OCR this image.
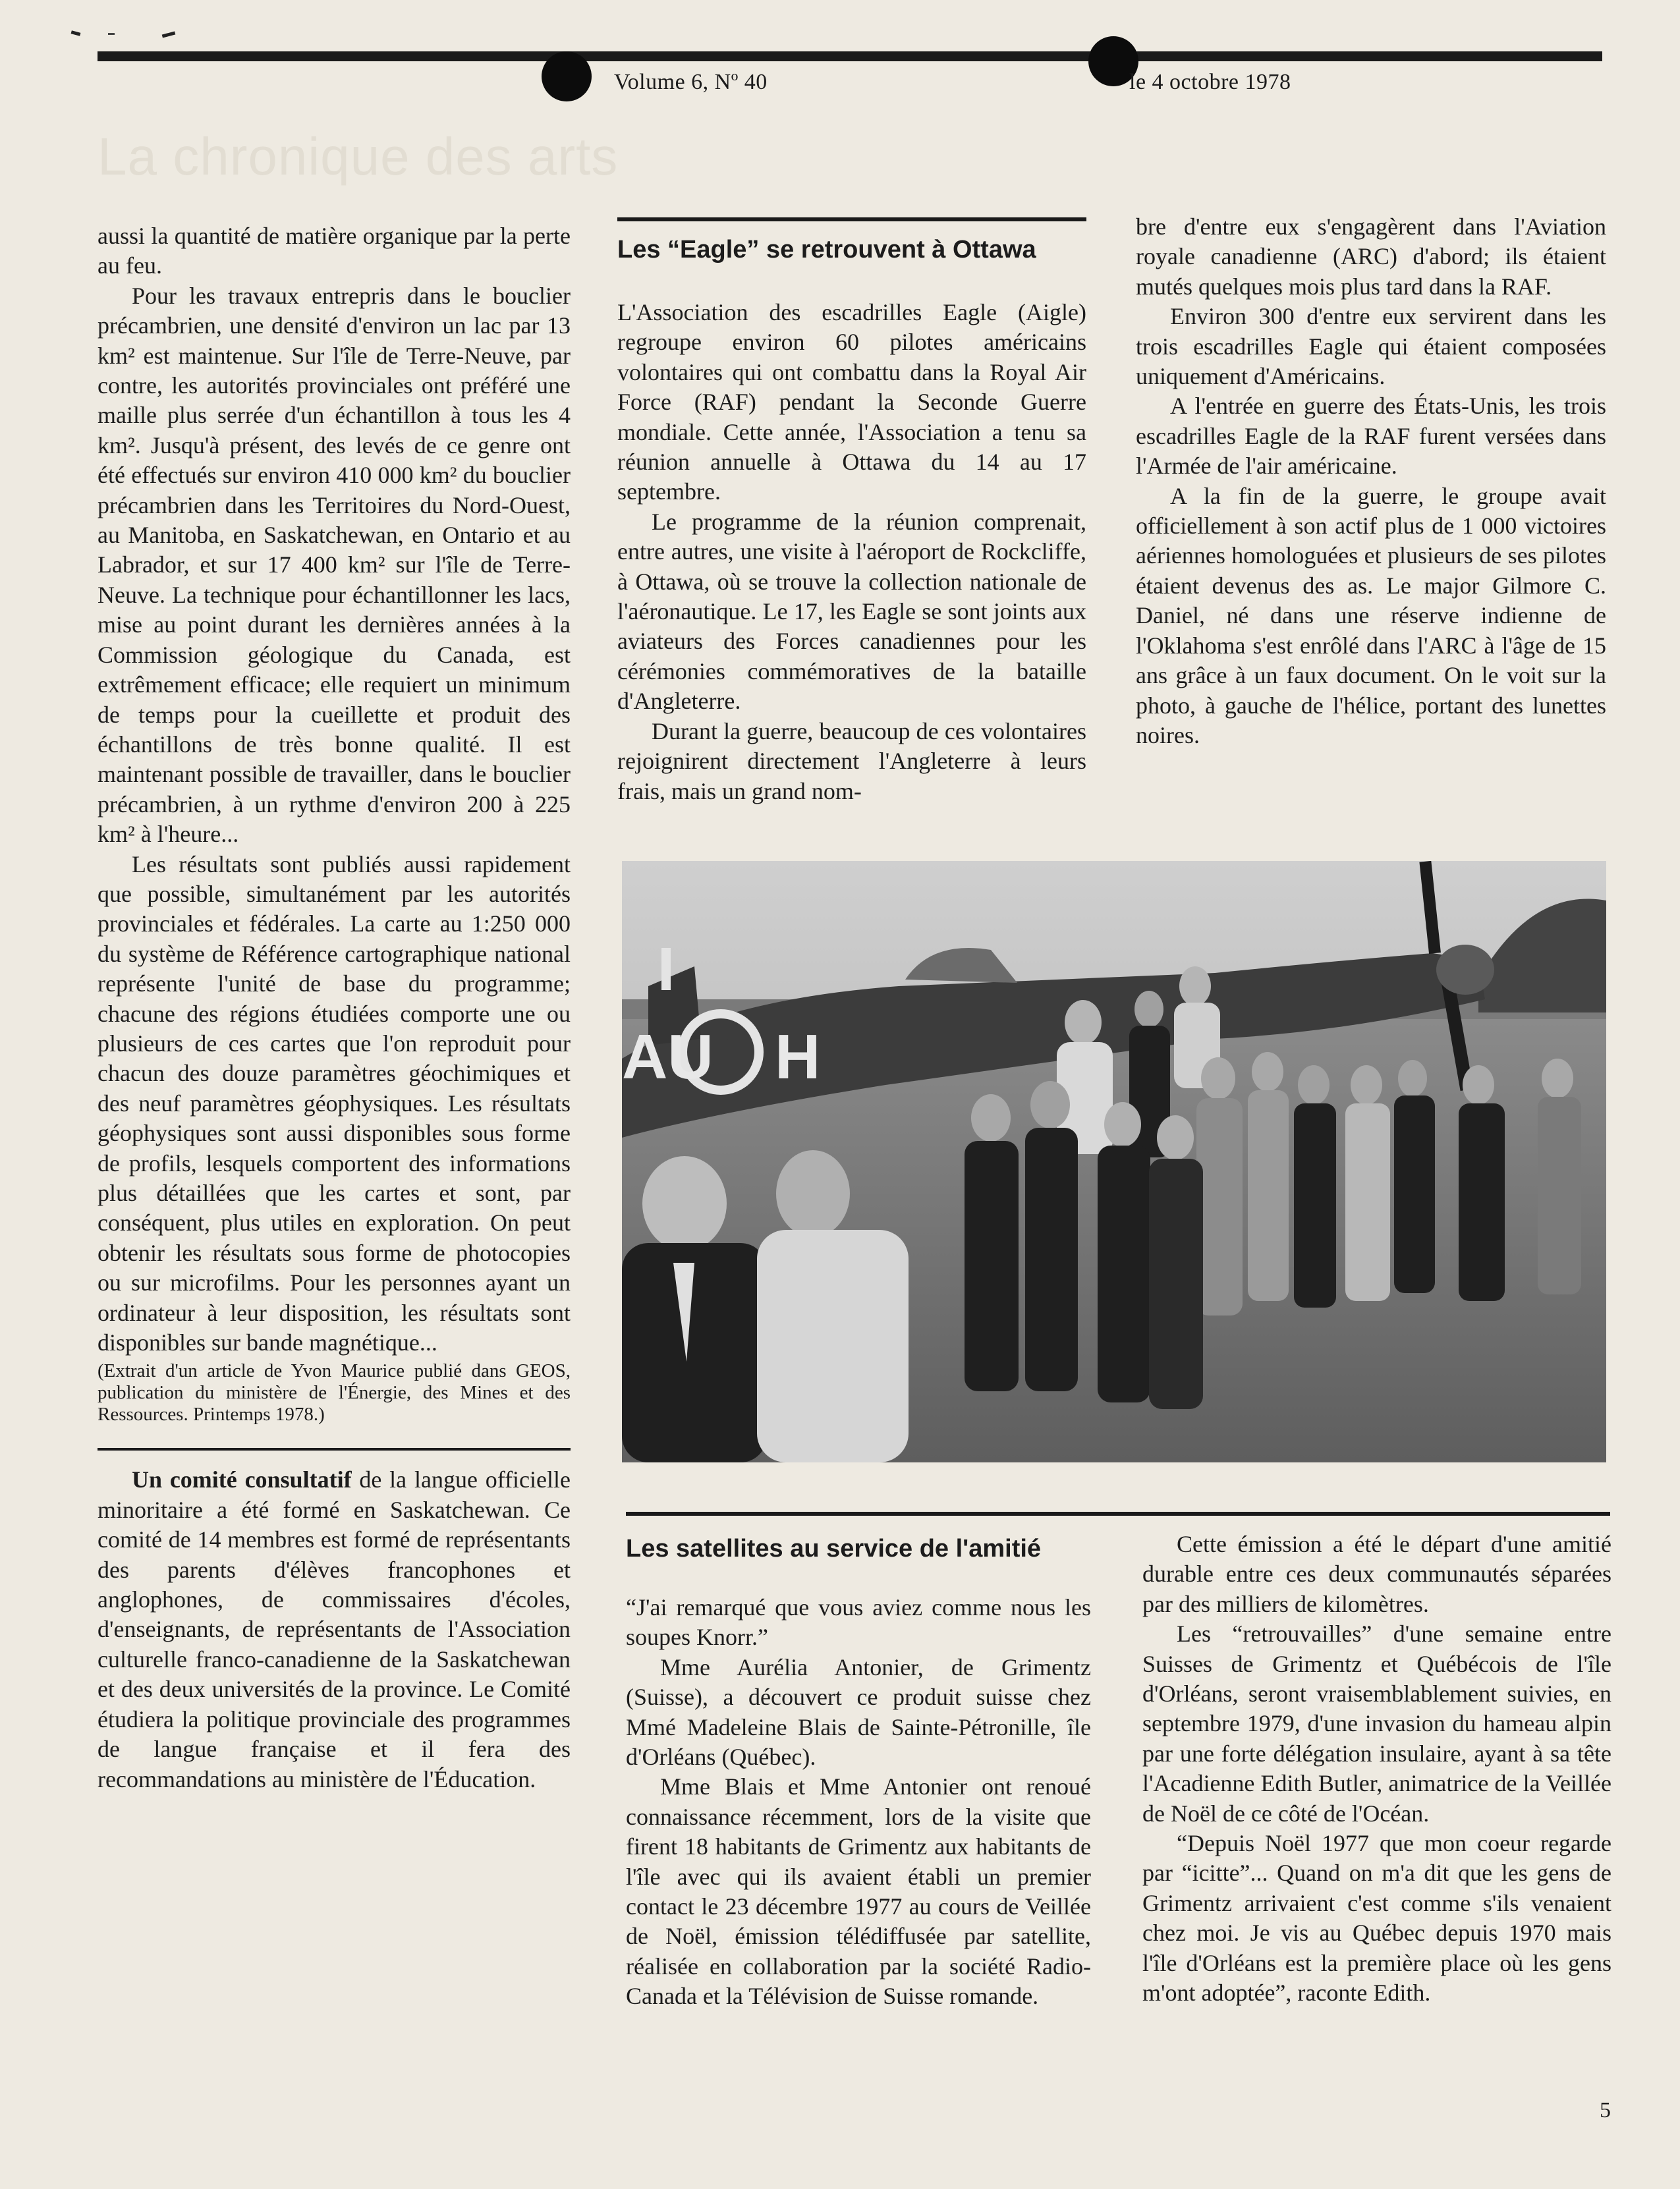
Volume 6, Nº 40	le 4 octobre 1978
La chronique des arts

aussi la quantité de matière organique par la perte au feu.

Pour les travaux entrepris dans le bouclier précambrien, une densité d'environ un lac par 13 km² est maintenue. Sur l'île de Terre-Neuve, par contre, les autorités provinciales ont préféré une maille plus serrée d'un échantillon à tous les 4 km². Jusqu'à présent, des levés de ce genre ont été effectués sur environ 410 000 km² du bouclier précambrien dans les Territoires du Nord-Ouest, au Manitoba, en Saskatchewan, en Ontario et au Labrador, et sur 17 400 km² sur l'île de Terre-Neuve. La technique pour échantillonner les lacs, mise au point durant les dernières années à la Commission géologique du Canada, est extrêmement efficace; elle requiert un minimum de temps pour la cueillette et produit des échantillons de très bonne qualité. Il est maintenant possible de travailler, dans le bouclier précambrien, à un rythme d'environ 200 à 225 km² à l'heure...

Les résultats sont publiés aussi rapidement que possible, simultanément par les autorités provinciales et fédérales. La carte au 1:250 000 du système de Référence cartographique national représente l'unité de base du programme; chacune des régions étudiées comporte une ou plusieurs de ces cartes que l'on reproduit pour chacun des douze paramètres géochimiques et des neuf paramètres géophysiques. Les résultats géophysiques sont aussi disponibles sous forme de profils, lesquels comportent des informations plus détaillées que les cartes et sont, par conséquent, plus utiles en exploration. On peut obtenir les résultats sous forme de photocopies ou sur microfilms. Pour les personnes ayant un ordinateur à leur disposition, les résultats sont disponibles sur bande magnétique...

(Extrait d'un article de Yvon Maurice publié dans GEOS, publication du ministère de l'Énergie, des Mines et des Ressources. Printemps 1978.)

Un comité consultatif de la langue officielle minoritaire a été formé en Saskatchewan. Ce comité de 14 membres est formé de représentants des parents d'élèves francophones et anglophones, de commissaires d'écoles, d'enseignants, de représentants de l'Association culturelle franco-canadienne de la Saskatchewan et des deux universités de la province. Le Comité étudiera la politique provinciale des programmes de langue française et il fera des recommandations au ministère de l'Éducation.

Les “Eagle” se retrouvent à Ottawa

L'Association des escadrilles Eagle (Aigle) regroupe environ 60 pilotes américains volontaires qui ont combattu dans la Royal Air Force (RAF) pendant la Seconde Guerre mondiale. Cette année, l'Association a tenu sa réunion annuelle à Ottawa du 14 au 17 septembre.

Le programme de la réunion comprenait, entre autres, une visite à l'aéroport de Rockcliffe, à Ottawa, où se trouve la collection nationale de l'aéronautique. Le 17, les Eagle se sont joints aux aviateurs des Forces canadiennes pour les cérémonies commémoratives de la bataille d'Angleterre.

Durant la guerre, beaucoup de ces volontaires rejoignirent directement l'Angleterre à leurs frais, mais un grand nom-

bre d'entre eux s'engagèrent dans l'Aviation royale canadienne (ARC) d'abord; ils étaient mutés quelques mois plus tard dans la RAF.

Environ 300 d'entre eux servirent dans les trois escadrilles Eagle qui étaient composées uniquement d'Américains.

A l'entrée en guerre des États-Unis, les trois escadrilles Eagle de la RAF furent versées dans l'Armée de l'air américaine.

A la fin de la guerre, le groupe avait officiellement à son actif plus de 1 000 victoires aériennes homologuées et plusieurs de ses pilotes étaient devenus des as. Le major Gilmore C. Daniel, né dans une réserve indienne de l'Oklahoma s'est enrôlé dans l'ARC à l'âge de 15 ans grâce à un faux document. On le voit sur la photo, à gauche de l'hélice, portant des lunettes noires.

AU H
Les satellites au service de l'amitié

“J'ai remarqué que vous aviez comme nous les soupes Knorr.”

Mme Aurélia Antonier, de Grimentz (Suisse), a découvert ce produit suisse chez Mmé Madeleine Blais de Sainte-Pétronille, île d'Orléans (Québec).

Mme Blais et Mme Antonier ont renoué connaissance récemment, lors de la visite que firent 18 habitants de Grimentz aux habitants de l'île avec qui ils avaient établi un premier contact le 23 décembre 1977 au cours de Veillée de Noël, émission télédiffusée par satellite, réalisée en collaboration par la société Radio-Canada et la Télévision de Suisse romande.

Cette émission a été le départ d'une amitié durable entre ces deux communautés séparées par des milliers de kilomètres.

Les “retrouvailles” d'une semaine entre Suisses de Grimentz et Québécois de l'île d'Orléans, seront vraisemblablement suivies, en septembre 1979, d'une invasion du hameau alpin par une forte délégation insulaire, ayant à sa tête l'Acadienne Edith Butler, animatrice de la Veillée de Noël de ce côté de l'Océan.

“Depuis Noël 1977 que mon coeur regarde par “icitte”... Quand on m'a dit que les gens de Grimentz arrivaient c'est comme s'ils venaient chez moi. Je vis au Québec depuis 1970 mais l'île d'Orléans est la première place où les gens m'ont adoptée”, raconte Edith.

5
